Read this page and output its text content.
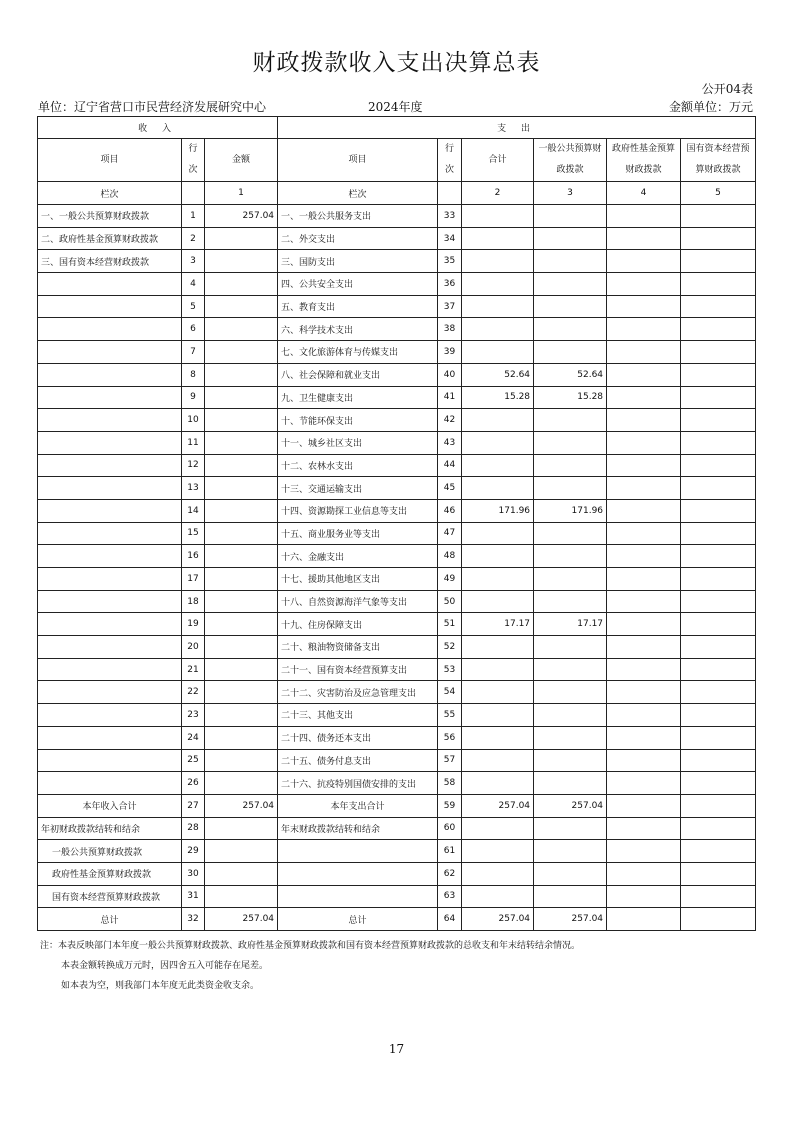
财政拨款收入支出决算总表
公开04表
单位：辽宁省营口市民营经济发展研究中心	2024年度	金额单位：万元
收 入			支 出					
项目	行次	金额	项目	行次	合计	一般公共预算财政拨款	政府性基金预算财政拨款	国有资本经营预算财政拨款
栏次		1	栏次		2	3	4	5
一、一般公共预算财政拨款	1	257.04	一、一般公共服务支出	33				
二、政府性基金预算财政拨款	2		二、外交支出	34				
三、国有资本经营财政拨款	3		三、国防支出	35				
	4		四、公共安全支出	36				
	5		五、教育支出	37				
	6		六、科学技术支出	38				
	7		七、文化旅游体育与传媒支出	39				
	8		八、社会保障和就业支出	40	52.64	52.64		
	9		九、卫生健康支出	41	15.28	15.28		
	10		十、节能环保支出	42				
	11		十一、城乡社区支出	43				
	12		十二、农林水支出	44				
	13		十三、交通运输支出	45				
	14		十四、资源勘探工业信息等支出	46	171.96	171.96		
	15		十五、商业服务业等支出	47				
	16		十六、金融支出	48				
	17		十七、援助其他地区支出	49				
	18		十八、自然资源海洋气象等支出	50				
	19		十九、住房保障支出	51	17.17	17.17		
	20		二十、粮油物资储备支出	52				
	21		二十一、国有资本经营预算支出	53				
	22		二十二、灾害防治及应急管理支出	54				
	23		二十三、其他支出	55				
	24		二十四、债务还本支出	56				
	25		二十五、债务付息支出	57				
	26		二十六、抗疫特别国债安排的支出	58				
本年收入合计	27	257.04	本年支出合计	59	257.04	257.04		
年初财政拨款结转和结余	28		年末财政拨款结转和结余	60				
一般公共预算财政拨款	29			61				
政府性基金预算财政拨款	30			62				
国有资本经营预算财政拨款	31			63				
总计	32	257.04	总计	64	257.04	257.04		
注：本表反映部门本年度一般公共预算财政拨款、政府性基金预算财政拨款和国有资本经营预算财政拨款的总收支和年末结转结余情况。
本表金额转换成万元时，因四舍五入可能存在尾差。
如本表为空，则我部门本年度无此类资金收支余。
17
